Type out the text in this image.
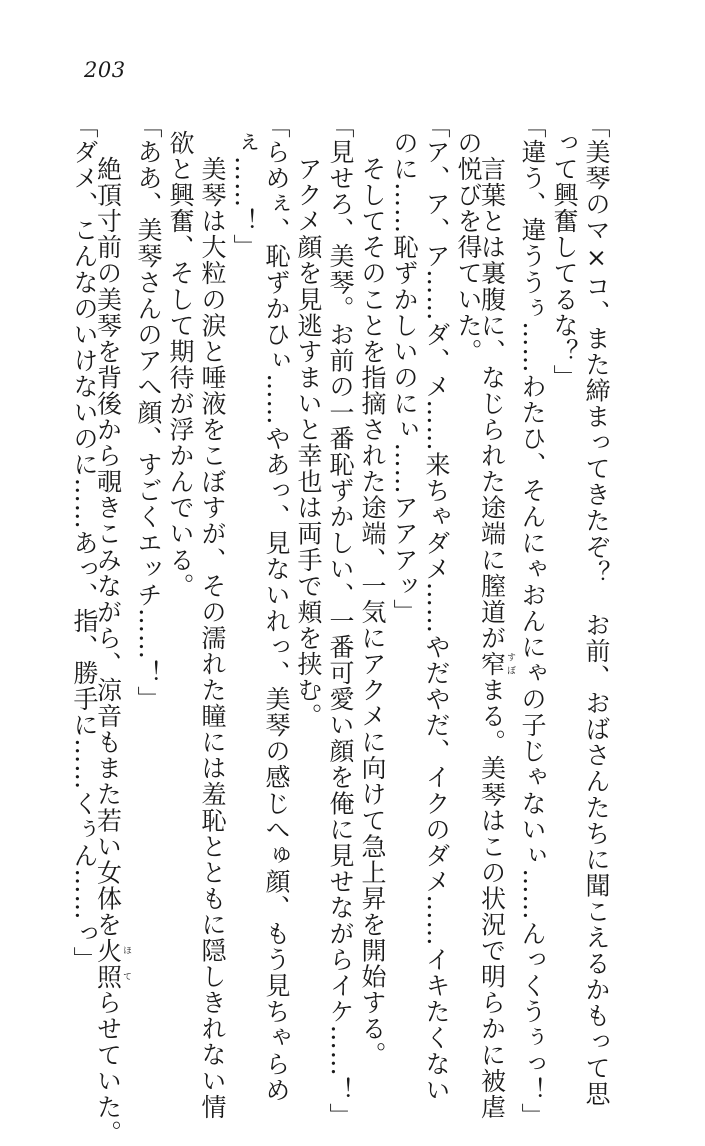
203
「美琴のマ×コ、また締まってきたぞ？　お前、おばさんたちに聞こえるかもって思
って興奮してるな？」
「違う、違ううぅ……わたひ、そんにゃおんにゃの子じゃないぃ……んっくうぅっ！」
　言葉とは裏腹に、なじられた途端に膣道が窄すぼまる。美琴はこの状況で明らかに被虐
の悦びを得ていた。
「ア、ア、ア……ダ、メ……来ちゃダメ……やだやだ、イクのダメ……イキたくない
のに……恥ずかしいのにぃ……アアアッ」
　そしてそのことを指摘された途端、一気にアクメに向けて急上昇を開始する。
「見せろ、美琴。お前の一番恥ずかしい、一番可愛い顔を俺に見せながらイケ……！」
　アクメ顔を見逃すまいと幸也は両手で頬を挟む。
「らめぇ、恥ずかひぃ……やあっ、見ないれっ、美琴の感じへゅ顔、もう見ちゃらめ
ぇ……！」
　美琴は大粒の涙と唾液をこぼすが、その濡れた瞳には羞恥とともに隠しきれない情
欲と興奮、そして期待が浮かんでいる。
「ああ、美琴さんのアへ顔、すごくエッチ……！」
　絶頂寸前の美琴を背後から覗きこみながら、涼音もまた若い女体を火照ほてらせていた。
「ダメ、こんなのいけないのに……あっ、指、勝手に……くぅん……っ」
